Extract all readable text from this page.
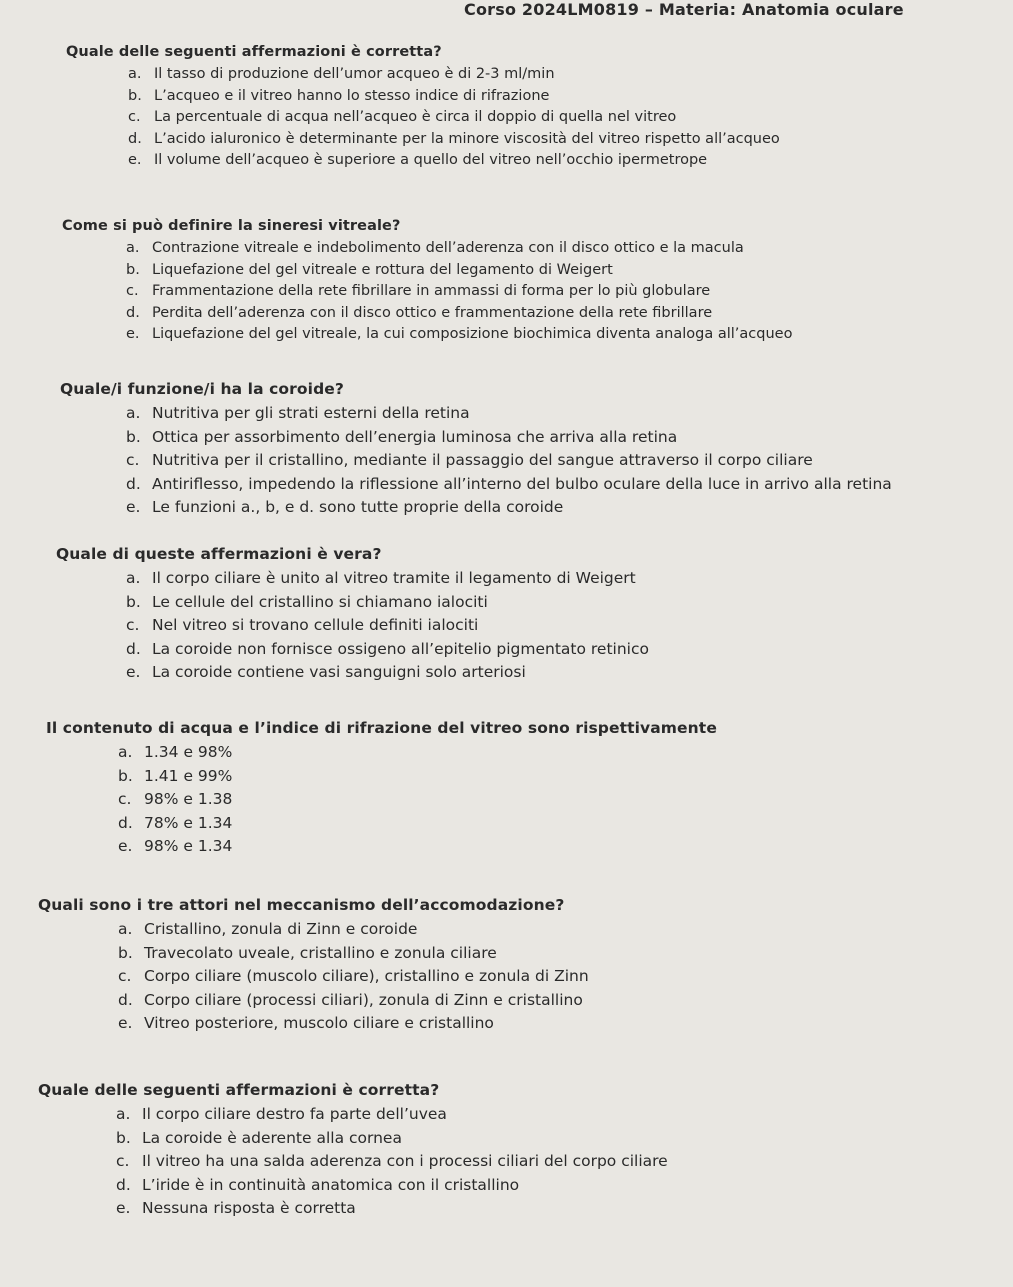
Corso 2024LM0819 – Materia: Anatomia oculare
Quale delle seguenti affermazioni è corretta?
a. Il tasso di produzione dell’umor acqueo è di 2-3 ml/min
b. L’acqueo e il vitreo hanno lo stesso indice di rifrazione
c. La percentuale di acqua nell’acqueo è circa il doppio di quella nel vitreo
d. L’acido ialuronico è determinante per la minore viscosità del vitreo rispetto all’acqueo
e. Il volume dell’acqueo è superiore a quello del vitreo nell’occhio ipermetrope
Come si può definire la sineresi vitreale?
a. Contrazione vitreale e indebolimento dell’aderenza con il disco ottico e la macula
b. Liquefazione del gel vitreale e rottura del legamento di Weigert
c. Frammentazione della rete fibrillare in ammassi di forma per lo più globulare
d. Perdita dell’aderenza con il disco ottico e frammentazione della rete fibrillare
e. Liquefazione del gel vitreale, la cui composizione biochimica diventa analoga all’acqueo
Quale/i funzione/i ha la coroide?
a. Nutritiva per gli strati esterni della retina
b. Ottica per assorbimento dell’energia luminosa che arriva alla retina
c. Nutritiva per il cristallino, mediante il passaggio del sangue attraverso il corpo ciliare
d. Antiriflesso, impedendo la riflessione all’interno del bulbo oculare della luce in arrivo alla retina
e. Le funzioni a., b, e d. sono tutte proprie della coroide
Quale di queste affermazioni è vera?
a. Il corpo ciliare è unito al vitreo tramite il legamento di Weigert
b. Le cellule del cristallino si chiamano ialociti
c. Nel vitreo si trovano cellule definiti ialociti
d. La coroide non fornisce ossigeno all’epitelio pigmentato retinico
e. La coroide contiene vasi sanguigni solo arteriosi
Il contenuto di acqua e l’indice di rifrazione del vitreo sono rispettivamente
a. 1.34 e 98%
b. 1.41 e 99%
c. 98% e 1.38
d. 78% e 1.34
e. 98% e 1.34
Quali sono i tre attori nel meccanismo dell’accomodazione?
a. Cristallino, zonula di Zinn e coroide
b. Travecolato uveale, cristallino e zonula ciliare
c. Corpo ciliare (muscolo ciliare), cristallino e zonula di Zinn
d. Corpo ciliare (processi ciliari), zonula di Zinn e cristallino
e. Vitreo posteriore, muscolo ciliare e cristallino
Quale delle seguenti affermazioni è corretta?
a. Il corpo ciliare destro fa parte dell’uvea
b. La coroide è aderente alla cornea
c. Il vitreo ha una salda aderenza con i processi ciliari del corpo ciliare
d. L’iride è in continuità anatomica con il cristallino
e. Nessuna risposta è corretta
